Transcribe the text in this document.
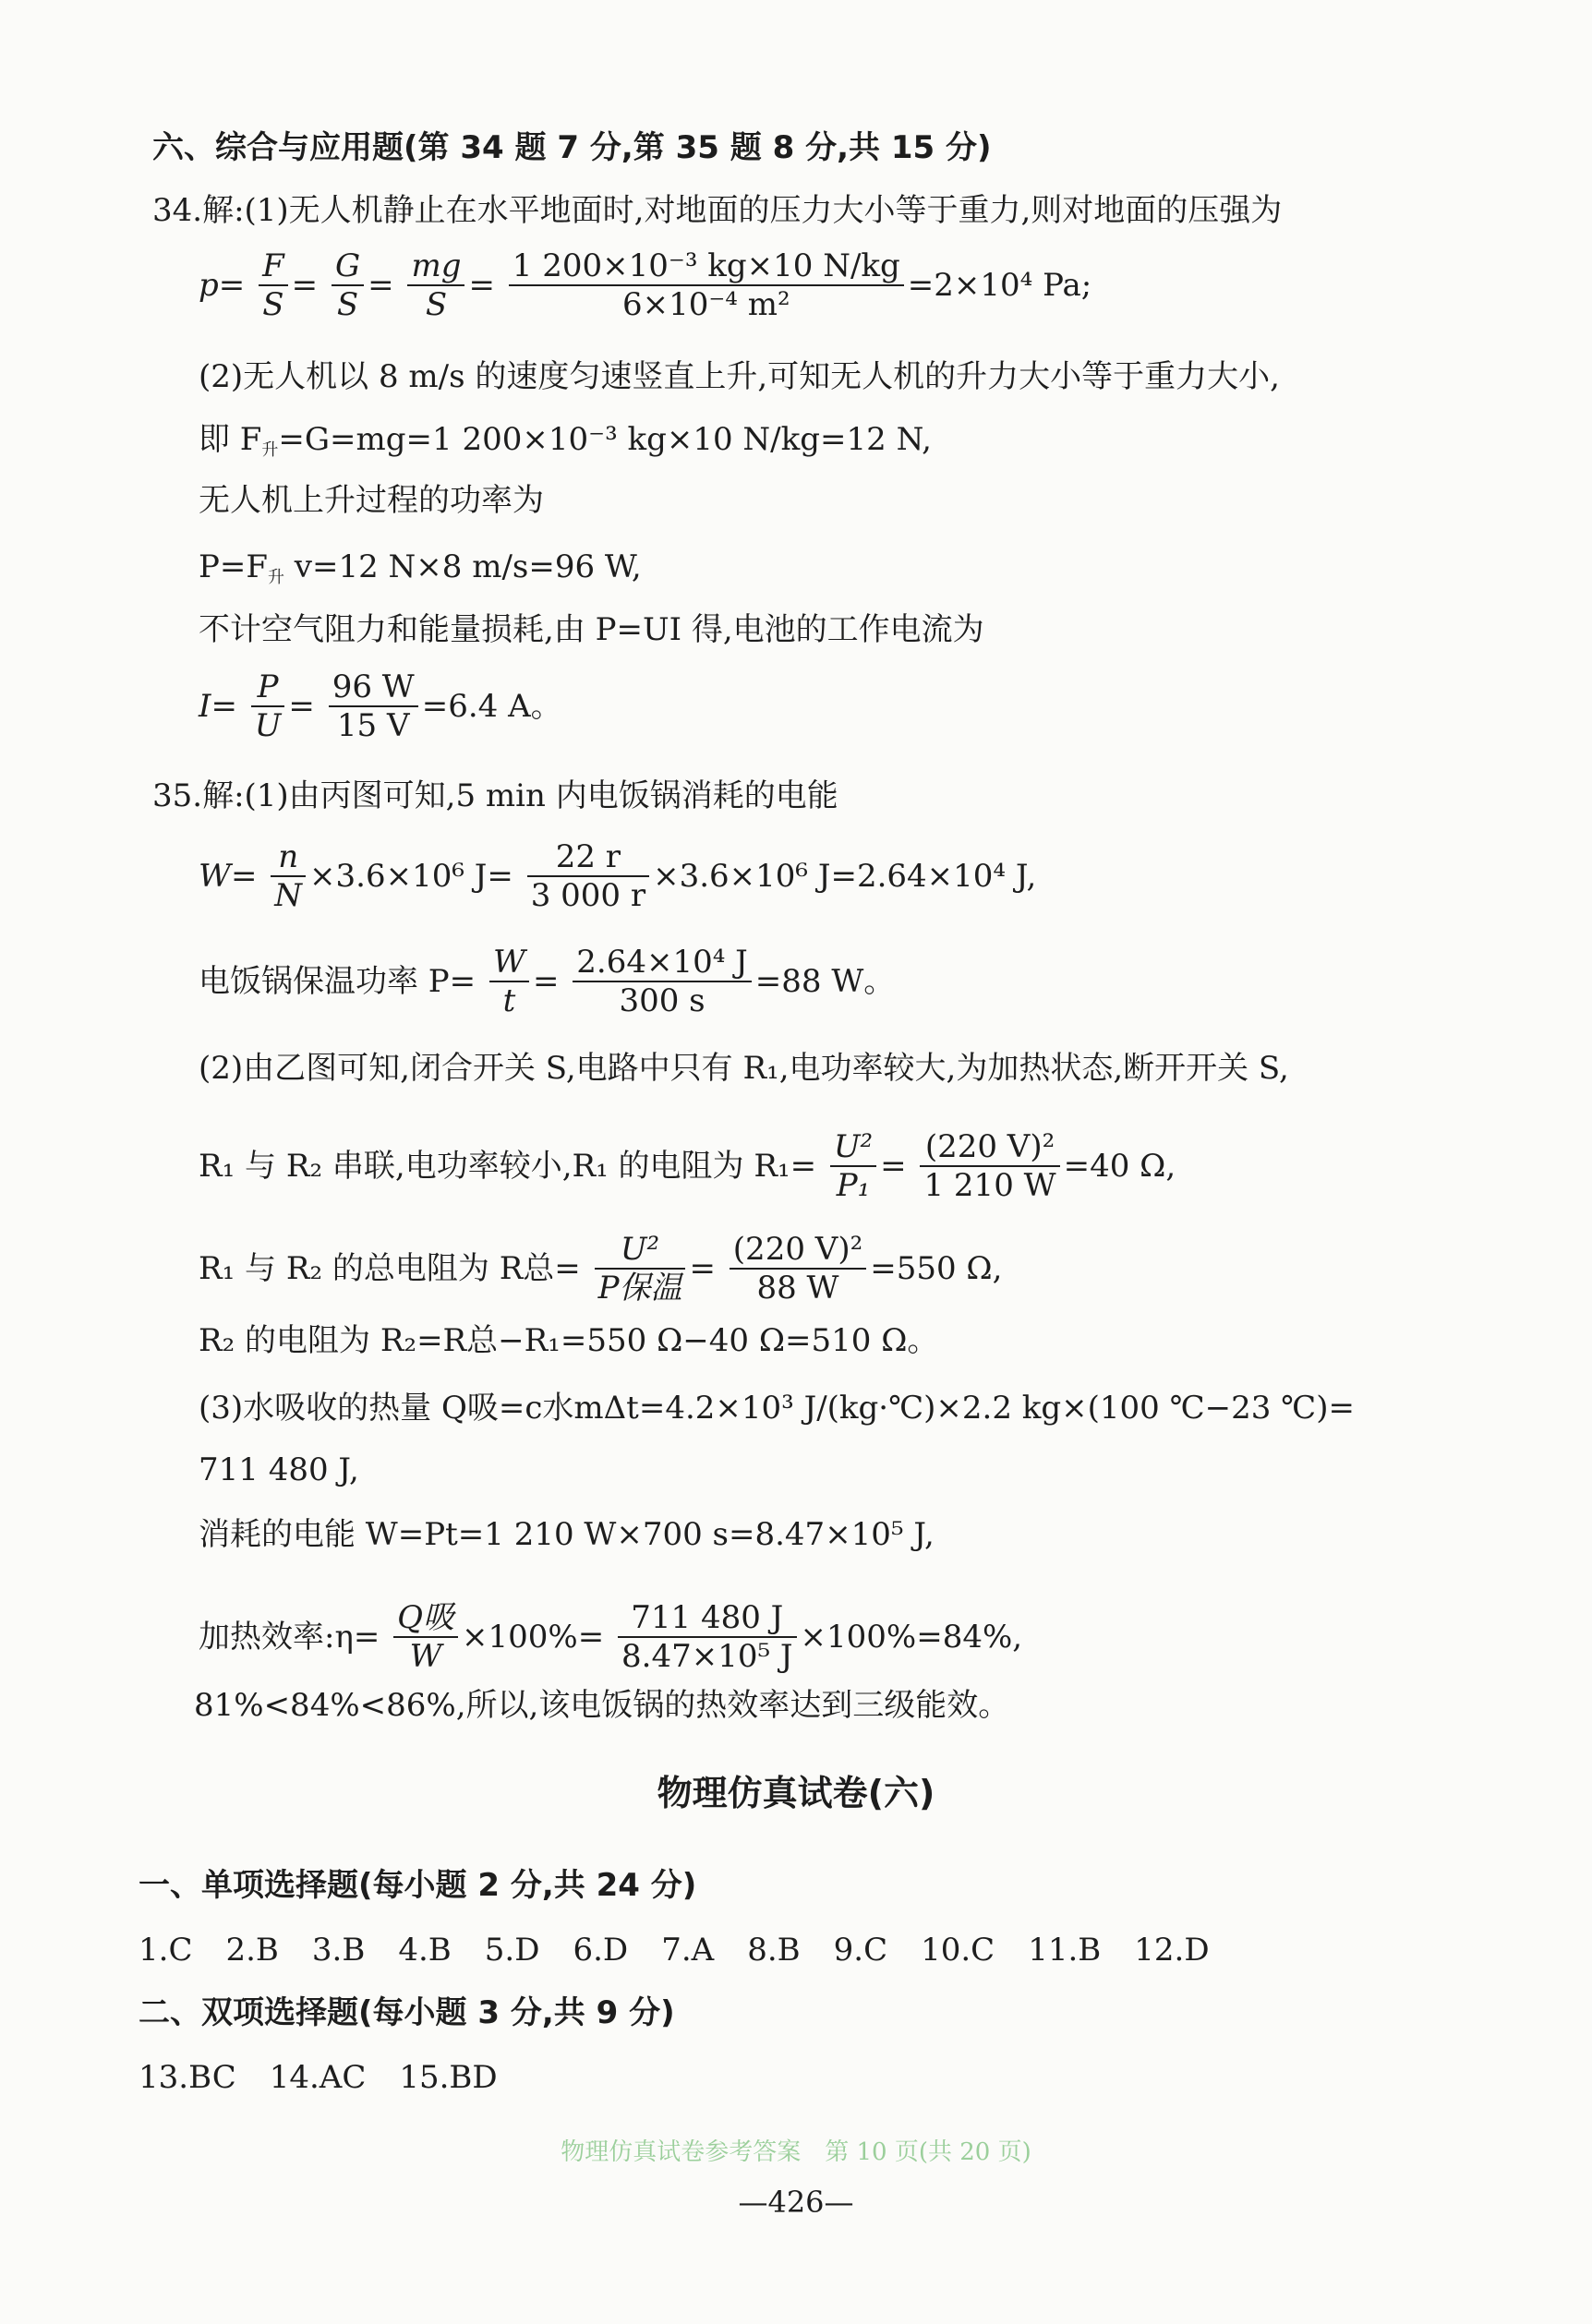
六、综合与应用题(第 34 题 7 分,第 35 题 8 分,共 15 分)
34.解:(1)无人机静止在水平地面时,对地面的压力大小等于重力,则对地面的压强为
$p= \frac{F}{S} = \frac{G}{S} = \frac{mg}{S} = \frac{\text{1 200×10⁻³ kg×10 N/kg}}{\text{6×10⁻⁴ m²}} =2\times 10^4$ Pa;
(2)无人机以 8 m/s 的速度匀速竖直上升,可知无人机的升力大小等于重力大小,
即 $F_升=G=mg=1$ 200×10⁻³ kg×10 N/kg=12 N,
无人机上升过程的功率为
$P=F_升$ v=12 N×8 m/s=96 W,
不计空气阻力和能量损耗,由 P=UI 得,电池的工作电流为
$I= \frac{P}{U} = \frac{96 W}{15 V} =6.4$ A。
35.解:(1)由丙图可知,5 min 内电饭锅消耗的电能
$W= \frac{n}{N} \times 3.6\times 10^6$ $J= \frac{22 r}{3 000 r} \times 3.6\times 10^6$ J=2.64×10⁴ J,
电饭锅保温功率 $P= \frac{W}{t} = \frac{\text{2.64×10⁴ J}}{300 s} =88$ W。
(2)由乙图可知,闭合开关 S,电路中只有 R₁,电功率较大,为加热状态,断开开关 S,
R₁ 与 R₂ 串联,电功率较小,R₁ 的电阻为 $R_1= \frac{\text{U²}}{\text{P₁}} = \frac{\text{(220 V)²}}{1 210 W} =40$ Ω,
R₁ 与 R₂ 的总电阻为 R总= $\frac{\text{U²}}{\text{P保温}} = \frac{\text{(220 V)²}}{88 W} =550$ Ω,
R₂ 的电阻为 R₂=R总−R₁=550 Ω−40 Ω=510 Ω。
(3)水吸收的热量 Q吸=c水mΔt=4.2×10³ J/(kg·℃)×2.2 kg×(100 ℃−23 ℃)=
711 480 J,
消耗的电能 W=Pt=1 210 W×700 s=8.47×10⁵ J,
加热效率:η= $\frac{\text{Q吸}}{W} \times 100\%= \frac{711 480 J}{\text{8.47×10⁵ J}} \times 100\%=84\%$,
81%<84%<86%,所以,该电饭锅的热效率达到三级能效。
物理仿真试卷(六)
一、单项选择题(每小题 2 分,共 24 分)
1.C 2.B 3.B 4.B 5.D 6.D 7.A 8.B 9.C 10.C 11.B 12.D
二、双项选择题(每小题 3 分,共 9 分)
13.BC 14.AC 15.BD
物理仿真试卷参考答案　第 10 页(共 20 页)
—426—
